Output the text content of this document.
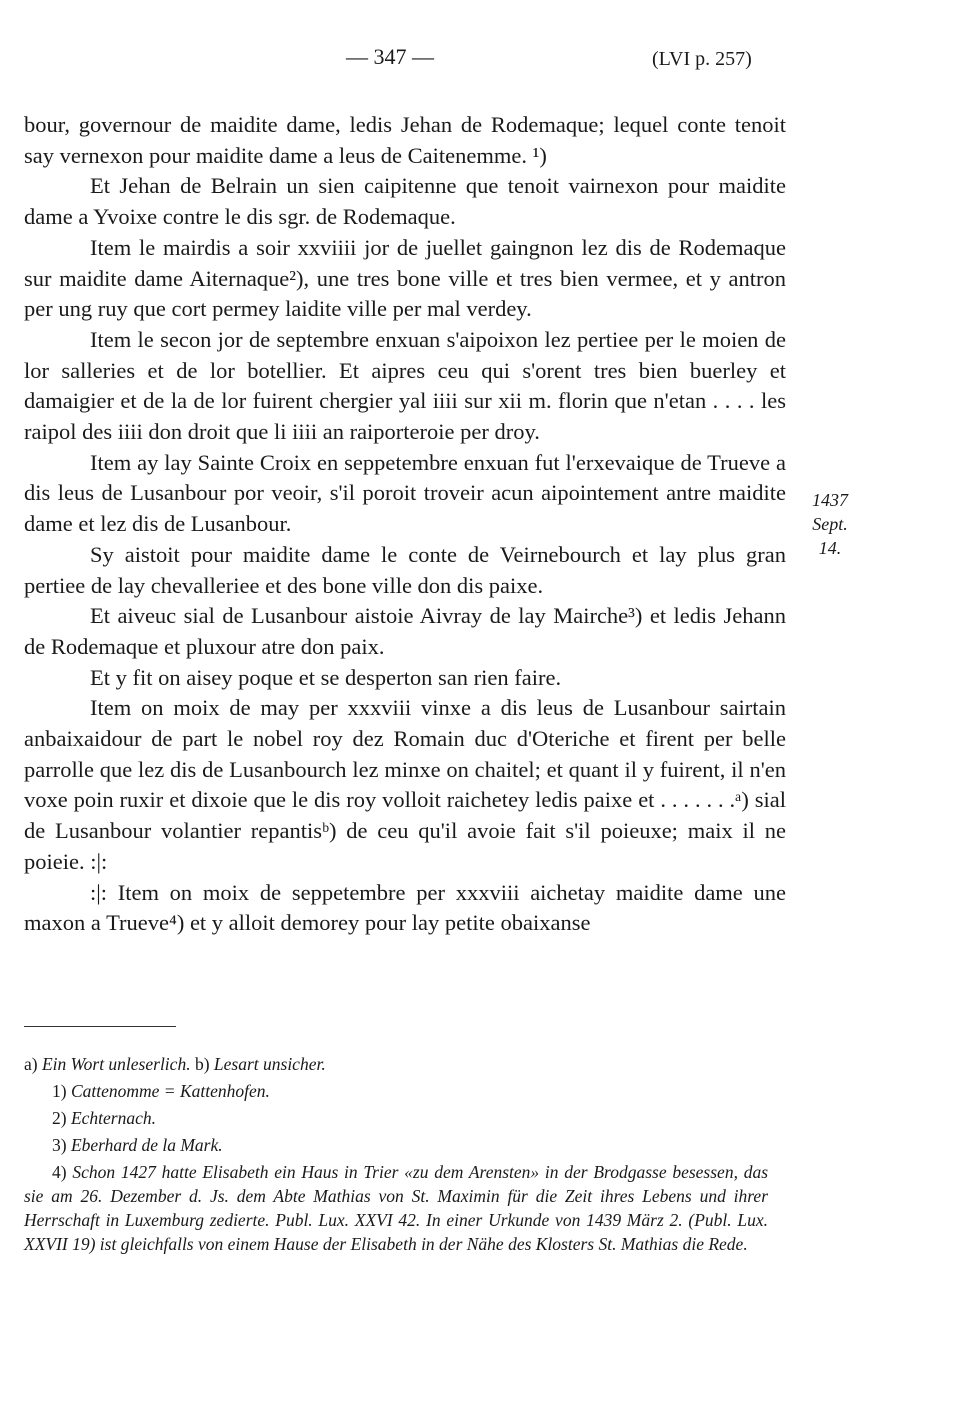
— 347 —	(LVI p. 257)

bour, governour de maidite dame, ledis Jehan de Rodemaque; lequel conte tenoit say vernexon pour maidite dame a leus de Caitenemme. ¹)

Et Jehan de Belrain un sien caipitenne que tenoit vairnexon pour maidite dame a Yvoixe contre le dis sgr. de Rodemaque.

Item le mairdis a soir xxviiii jor de juellet gaingnon lez dis de Rodemaque sur maidite dame Aiternaque²), une tres bone ville et tres bien vermee, et y antron per ung ruy que cort permey laidite ville per mal verdey.

Item le secon jor de septembre enxuan s'aipoixon lez pertiee per le moien de lor salleries et de lor botellier. Et aipres ceu qui s'orent tres bien buerley et damaigier et de la de lor fuirent chergier yal iiii sur xii m. florin que n'etan . . . . les raipol des iiii don droit que li iiii an raiporteroie per droy.

Item ay lay Sainte Croix en seppetembre enxuan fut l'erxevaique de Trueve a dis leus de Lusanbour por veoir, s'il poroit troveir acun aipointement antre maidite dame et lez dis de Lusanbour.

Sy aistoit pour maidite dame le conte de Veirnebourch et lay plus gran pertiee de lay chevalleriee et des bone ville don dis paixe.

Et aiveuc sial de Lusanbour aistoie Aivray de lay Mairche³) et ledis Jehann de Rodemaque et pluxour atre don paix.

Et y fit on aisey poque et se desperton san rien faire.

Item on moix de may per xxxviii vinxe a dis leus de Lusanbour sairtain anbaixaidour de part le nobel roy dez Romain duc d'Oteriche et firent per belle parrolle que lez dis de Lusanbourch lez minxe on chaitel; et quant il y fuirent, il n'en voxe poin ruxir et dixoie que le dis roy volloit raichetey ledis paixe et . . . . . . .ᵃ) sial de Lusanbour volantier repantisᵇ) de ceu qu'il avoie fait s'il poieuxe; maix il ne poieie. :|:

:|: Item on moix de seppetembre per xxxviii aichetay maidite dame une maxon a Trueve⁴) et y alloit demorey pour lay petite obaixanse

1437
Sept. 14.

a) Ein Wort unleserlich. b) Lesart unsicher.

1) Cattenomme = Kattenhofen.

2) Echternach.

3) Eberhard de la Mark.

4) Schon 1427 hatte Elisabeth ein Haus in Trier «zu dem Arensten» in der Brodgasse besessen, das sie am 26. Dezember d. Js. dem Abte Mathias von St. Maximin für die Zeit ihres Lebens und ihrer Herrschaft in Luxemburg zedierte. Publ. Lux. XXVI 42. In einer Urkunde von 1439 März 2. (Publ. Lux. XXVII 19) ist gleichfalls von einem Hause der Elisabeth in der Nähe des Klosters St. Mathias die Rede.
